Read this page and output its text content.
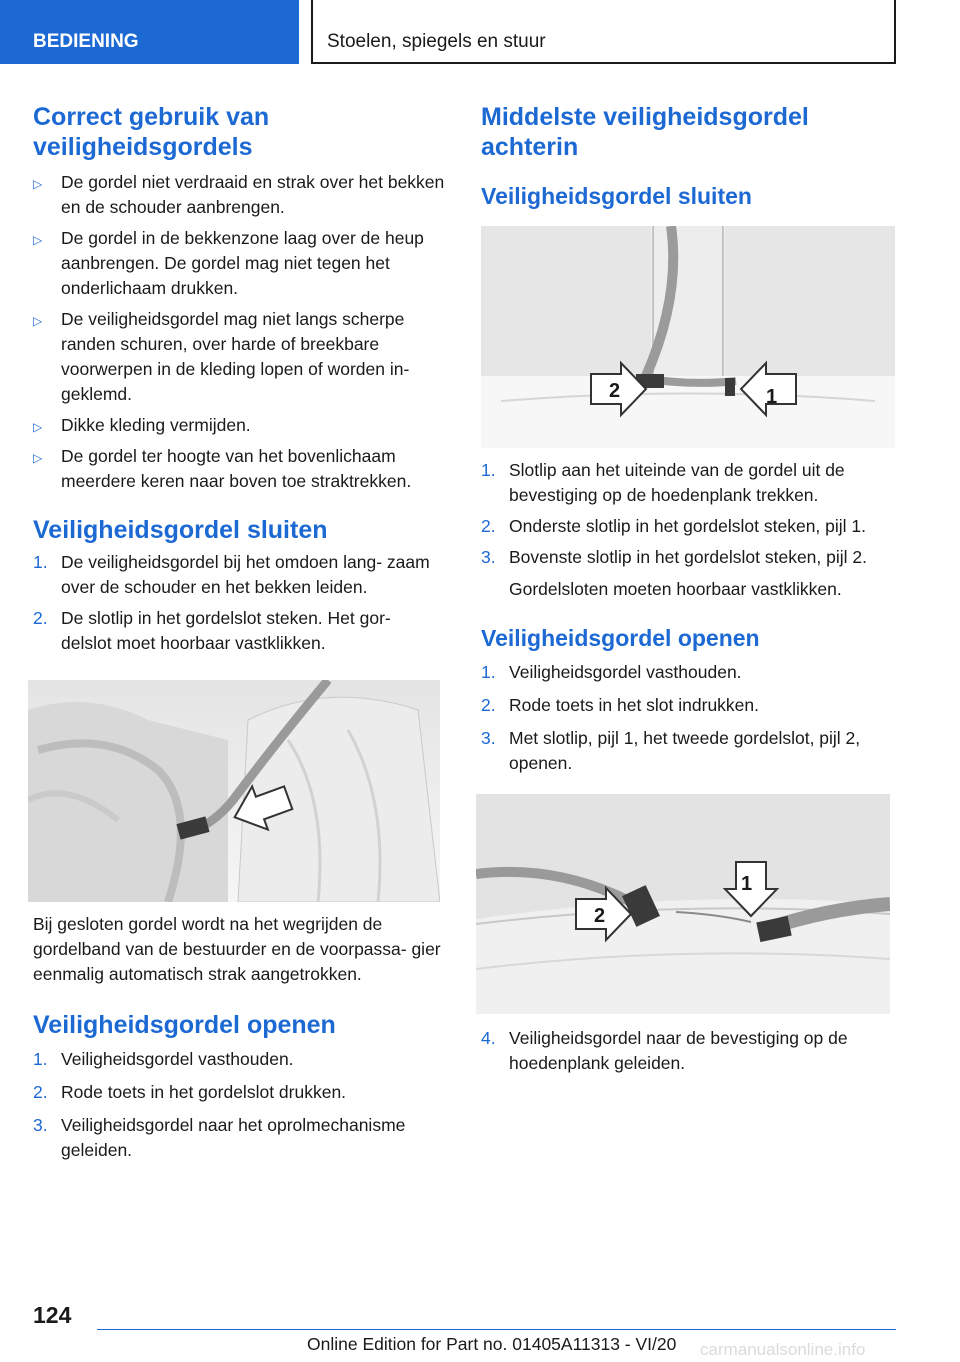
BEDIENING	Stoelen, spiegels en stuur
Correct gebruik van veiligheidsgordels
▷	De gordel niet verdraaid en strak over het bekken en de schouder aanbrengen.
▷	De gordel in de bekkenzone laag over de heup aanbrengen. De gordel mag niet tegen het onderlichaam drukken.
▷	De veiligheidsgordel mag niet langs scherpe randen schuren, over harde of breekbare voorwerpen in de kleding lopen of worden in- geklemd.
▷	Dikke kleding vermijden.
▷	De gordel ter hoogte van het bovenlichaam meerdere keren naar boven toe straktrekken.
Veiligheidsgordel sluiten
1. De veiligheidsgordel bij het omdoen lang- zaam over de schouder en het bekken leiden.
2. De slotlip in het gordelslot steken. Het gor- delslot moet hoorbaar vastklikken.

Bij gesloten gordel wordt na het wegrijden de gordelband van de bestuurder en de voorpassa- gier eenmalig automatisch strak aangetrokken.

Veiligheidsgordel openen
1. Veiligheidsgordel vasthouden.
2. Rode toets in het gordelslot drukken.
3. Veiligheidsgordel naar het oprolmechanisme geleiden.
Middelste veiligheidsgordel achterin
Veiligheidsgordel sluiten
2	1
1. Slotlip aan het uiteinde van de gordel uit de bevestiging op de hoedenplank trekken.
2. Onderste slotlip in het gordelslot steken, pijl 1.
3. Bovenste slotlip in het gordelslot steken, pijl 2.
Gordelsloten moeten hoorbaar vastklikken.
Veiligheidsgordel openen
1. Veiligheidsgordel vasthouden.
2. Rode toets in het slot indrukken.
3. Met slotlip, pijl 1, het tweede gordelslot, pijl 2, openen.
2
1
4. Veiligheidsgordel naar de bevestiging op de hoedenplank geleiden.
124
Online Edition for Part no. 01405A11313 - VI/20 carmanualsonline.info
